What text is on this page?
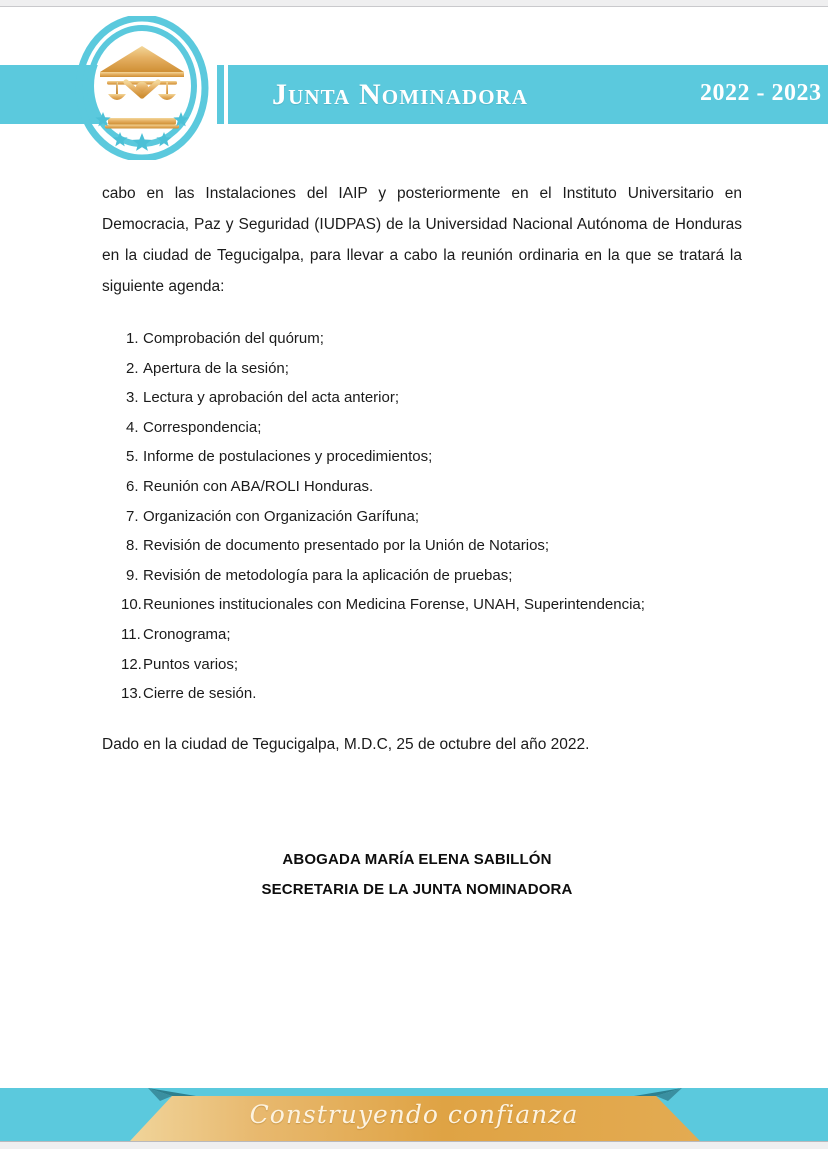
Junta Nominadora	2022 - 2023

cabo en las Instalaciones del IAIP y posteriormente en el Instituto Universitario en Democracia, Paz y Seguridad (IUDPAS) de la Universidad Nacional Autónoma de Honduras en la ciudad de Tegucigalpa, para llevar a cabo la reunión ordinaria en la que se tratará la siguiente agenda:

1. Comprobación del quórum;
2. Apertura de la sesión;
3. Lectura y aprobación del acta anterior;
4. Correspondencia;
5. Informe de postulaciones y procedimientos;
6. Reunión con ABA/ROLI Honduras.
7. Organización con Organización Garífuna;
8. Revisión de documento presentado por la Unión de Notarios;
9. Revisión de metodología para la aplicación de pruebas;
10. Reuniones institucionales con Medicina Forense, UNAH, Superintendencia;
11. Cronograma;
12. Puntos varios;
13. Cierre de sesión.

Dado en la ciudad de Tegucigalpa, M.D.C, 25 de octubre del año 2022.

ABOGADA MARÍA ELENA SABILLÓN
SECRETARIA DE LA JUNTA NOMINADORA
Construyendo confianza
